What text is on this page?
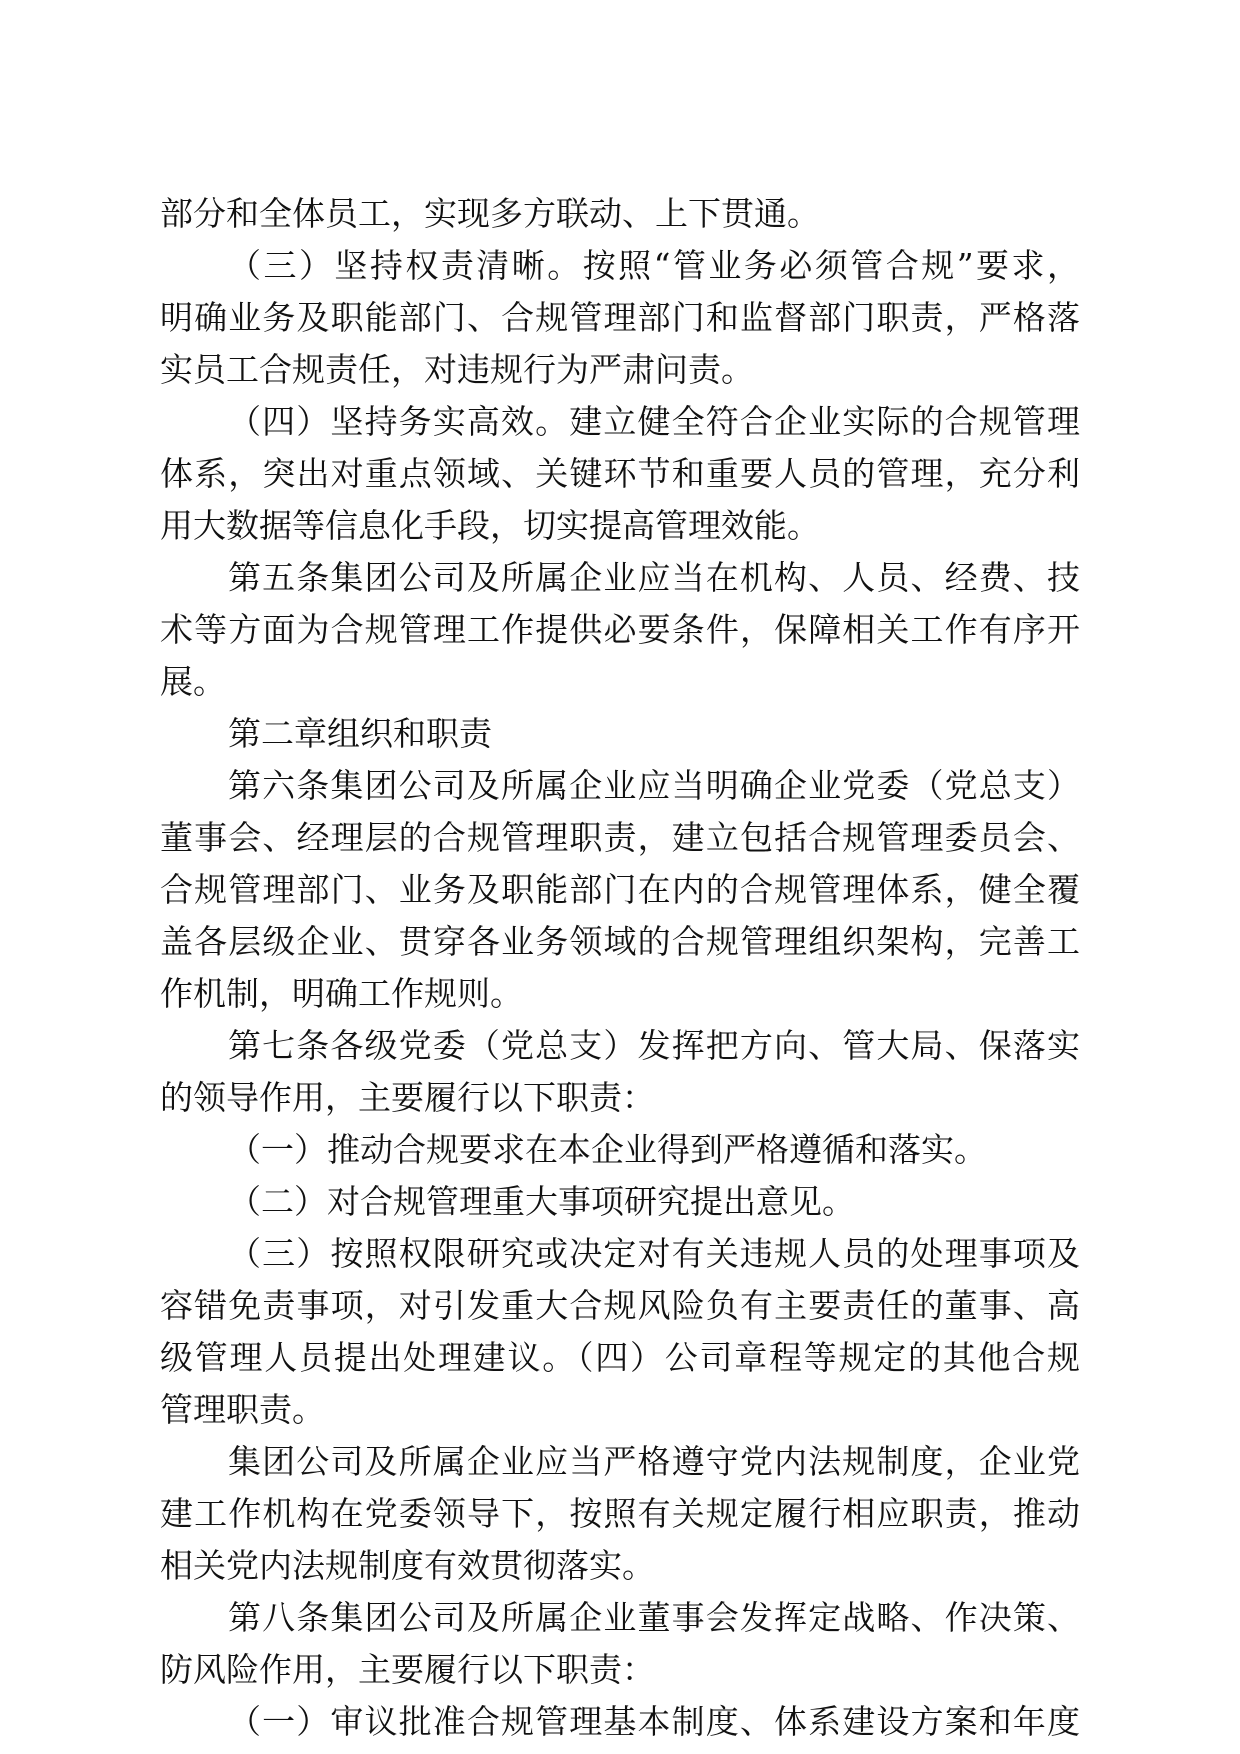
部分和全体员工，实现多方联动、上下贯通。
（三）坚持权责清晰。按照“管业务必须管合规”要求，
明确业务及职能部门、合规管理部门和监督部门职责，严格落
实员工合规责任，对违规行为严肃问责。
（四）坚持务实高效。建立健全符合企业实际的合规管理
体系，突出对重点领域、关键环节和重要人员的管理，充分利
用大数据等信息化手段，切实提高管理效能。
第五条集团公司及所属企业应当在机构、人员、经费、技
术等方面为合规管理工作提供必要条件，保障相关工作有序开
展。
第二章组织和职责
第六条集团公司及所属企业应当明确企业党委（党总支）
董事会、经理层的合规管理职责，建立包括合规管理委员会、
合规管理部门、业务及职能部门在内的合规管理体系，健全覆
盖各层级企业、贯穿各业务领域的合规管理组织架构，完善工
作机制，明确工作规则。
第七条各级党委（党总支）发挥把方向、管大局、保落实
的领导作用，主要履行以下职责：
（一）推动合规要求在本企业得到严格遵循和落实。
（二）对合规管理重大事项研究提出意见。
（三）按照权限研究或决定对有关违规人员的处理事项及
容错免责事项，对引发重大合规风险负有主要责任的董事、高
级管理人员提出处理建议。（四）公司章程等规定的其他合规
管理职责。
集团公司及所属企业应当严格遵守党内法规制度，企业党
建工作机构在党委领导下，按照有关规定履行相应职责，推动
相关党内法规制度有效贯彻落实。
第八条集团公司及所属企业董事会发挥定战略、作决策、
防风险作用，主要履行以下职责：
（一）审议批准合规管理基本制度、体系建设方案和年度
